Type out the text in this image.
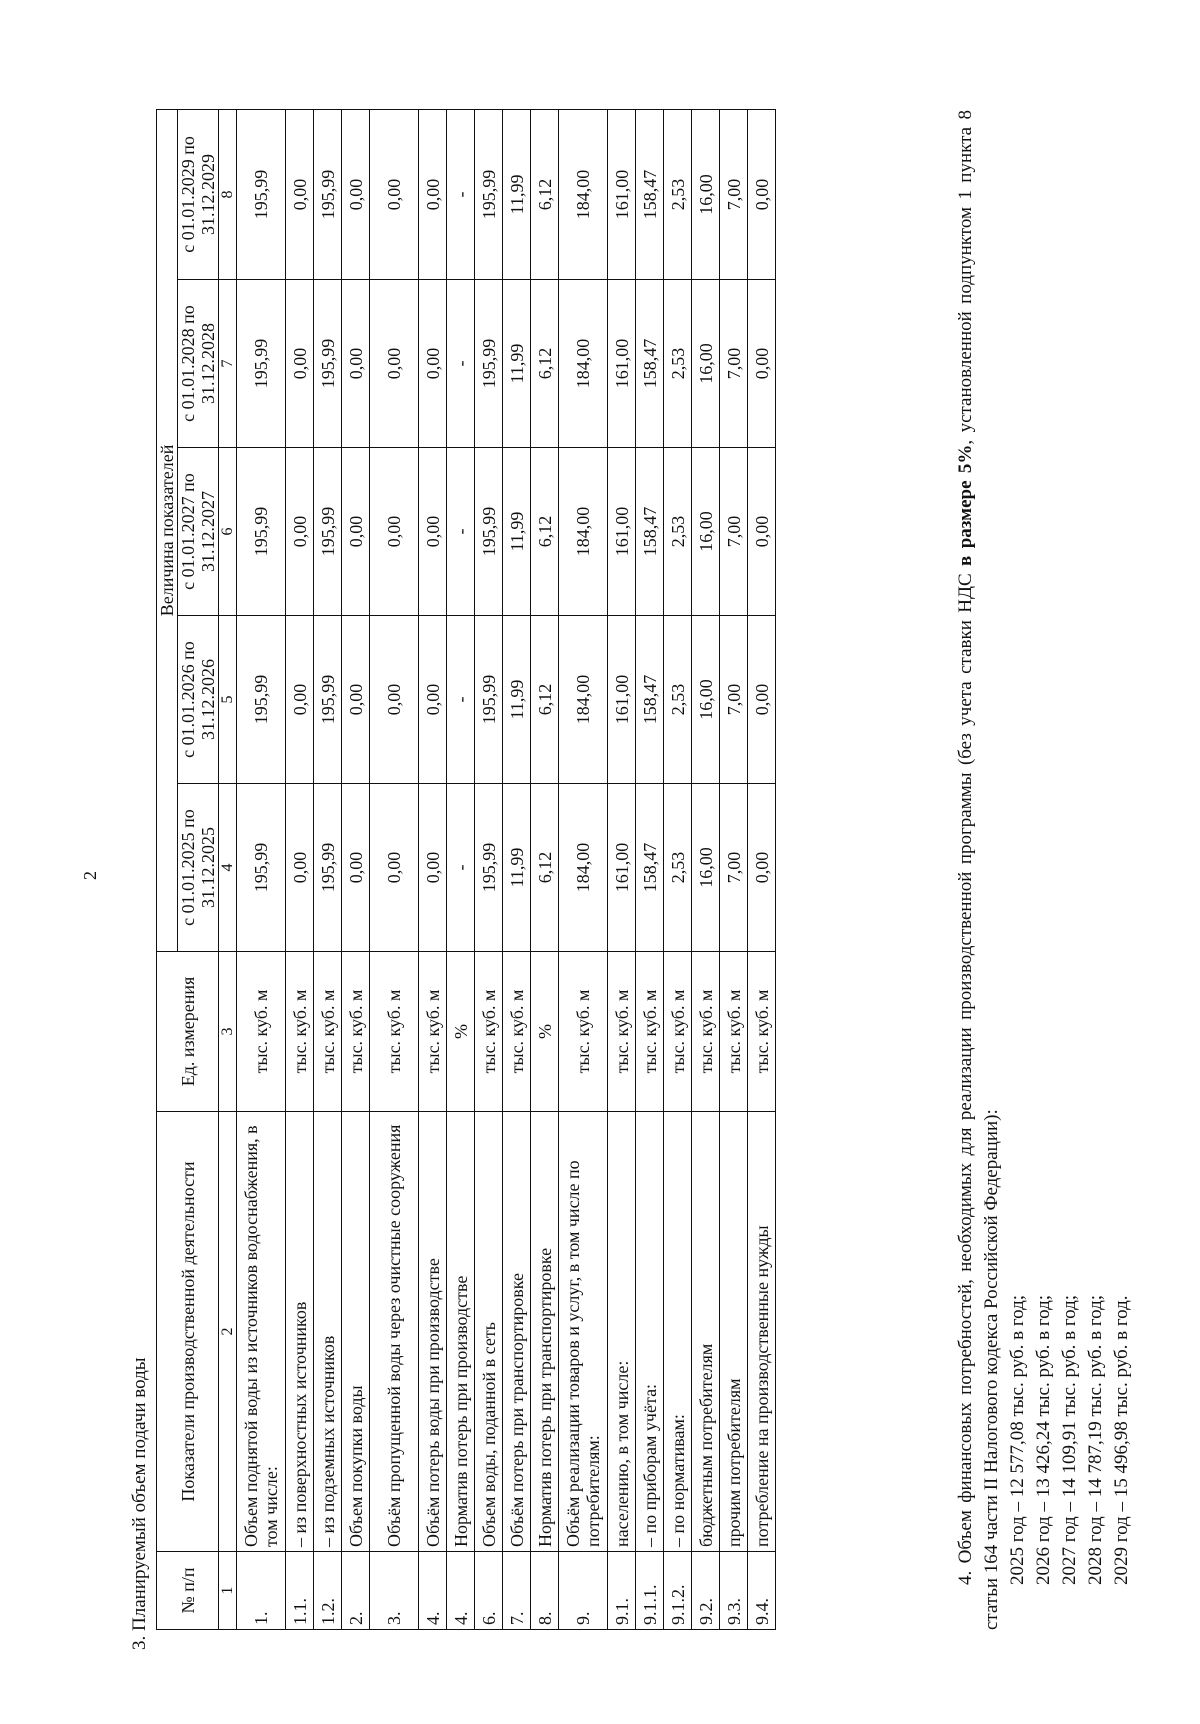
2
3. Планируемый объем подачи воды № п/п	Показатели производственной деятельности	Ед. измерения	Величина показателей				
			с 01.01.2025 по 31.12.2025	с 01.01.2026 по 31.12.2026	с 01.01.2027 по 31.12.2027	с 01.01.2028 по 31.12.2028	с 01.01.2029 по 31.12.2029
1	2	3	4	5	6	7	8
1.	Объем поднятой воды из источников водоснабжения, в том числе:	тыс. куб. м	195,99	195,99	195,99	195,99	195,99
1.1.	– из поверхностных источников	тыс. куб. м	0,00	0,00	0,00	0,00	0,00
1.2.	– из подземных источников	тыс. куб. м	195,99	195,99	195,99	195,99	195,99
2.	Объем покупки воды	тыс. куб. м	0,00	0,00	0,00	0,00	0,00
3.	Объём пропущенной воды через очистные сооружения	тыс. куб. м	0,00	0,00	0,00	0,00	0,00
4.	Объём потерь воды при производстве	тыс. куб. м	0,00	0,00	0,00	0,00	0,00
4.	Норматив потерь при производстве	%	-	-	-	-	-
6.	Объем воды, поданной в сеть	тыс. куб. м	195,99	195,99	195,99	195,99	195,99
7.	Объём потерь при транспортировке	тыс. куб. м	11,99	11,99	11,99	11,99	11,99
8.	Норматив потерь при транспортировке	%	6,12	6,12	6,12	6,12	6,12
9.	Объём реализации товаров и услуг, в том числе по потребителям:	тыс. куб. м	184,00	184,00	184,00	184,00	184,00
9.1.	населению, в том числе:	тыс. куб. м	161,00	161,00	161,00	161,00	161,00
9.1.1.	– по приборам учёта:	тыс. куб. м	158,47	158,47	158,47	158,47	158,47
9.1.2.	– по нормативам:	тыс. куб. м	2,53	2,53	2,53	2,53	2,53
9.2.	бюджетным потребителям	тыс. куб. м	16,00	16,00	16,00	16,00	16,00
9.3.	прочим потребителям	тыс. куб. м	7,00	7,00	7,00	7,00	7,00
9.4.	потребление на производственные нужды	тыс. куб. м	0,00	0,00	0,00	0,00	0,00

4. Объем финансовых потребностей, необходимых для реализации производственной программы (без учета ставки НДС в размере 5%, установленной подпунктом 1 пункта 8 статьи 164 части II Налогового кодекса Российской Федерации): 2025 год – 12 577,08 тыс. руб. в год; 2026 год – 13 426,24 тыс. руб. в год; 2027 год – 14 109,91 тыс. руб. в год; 2028 год – 14 787,19 тыс. руб. в год; 2029 год – 15 496,98 тыс. руб. в год.
